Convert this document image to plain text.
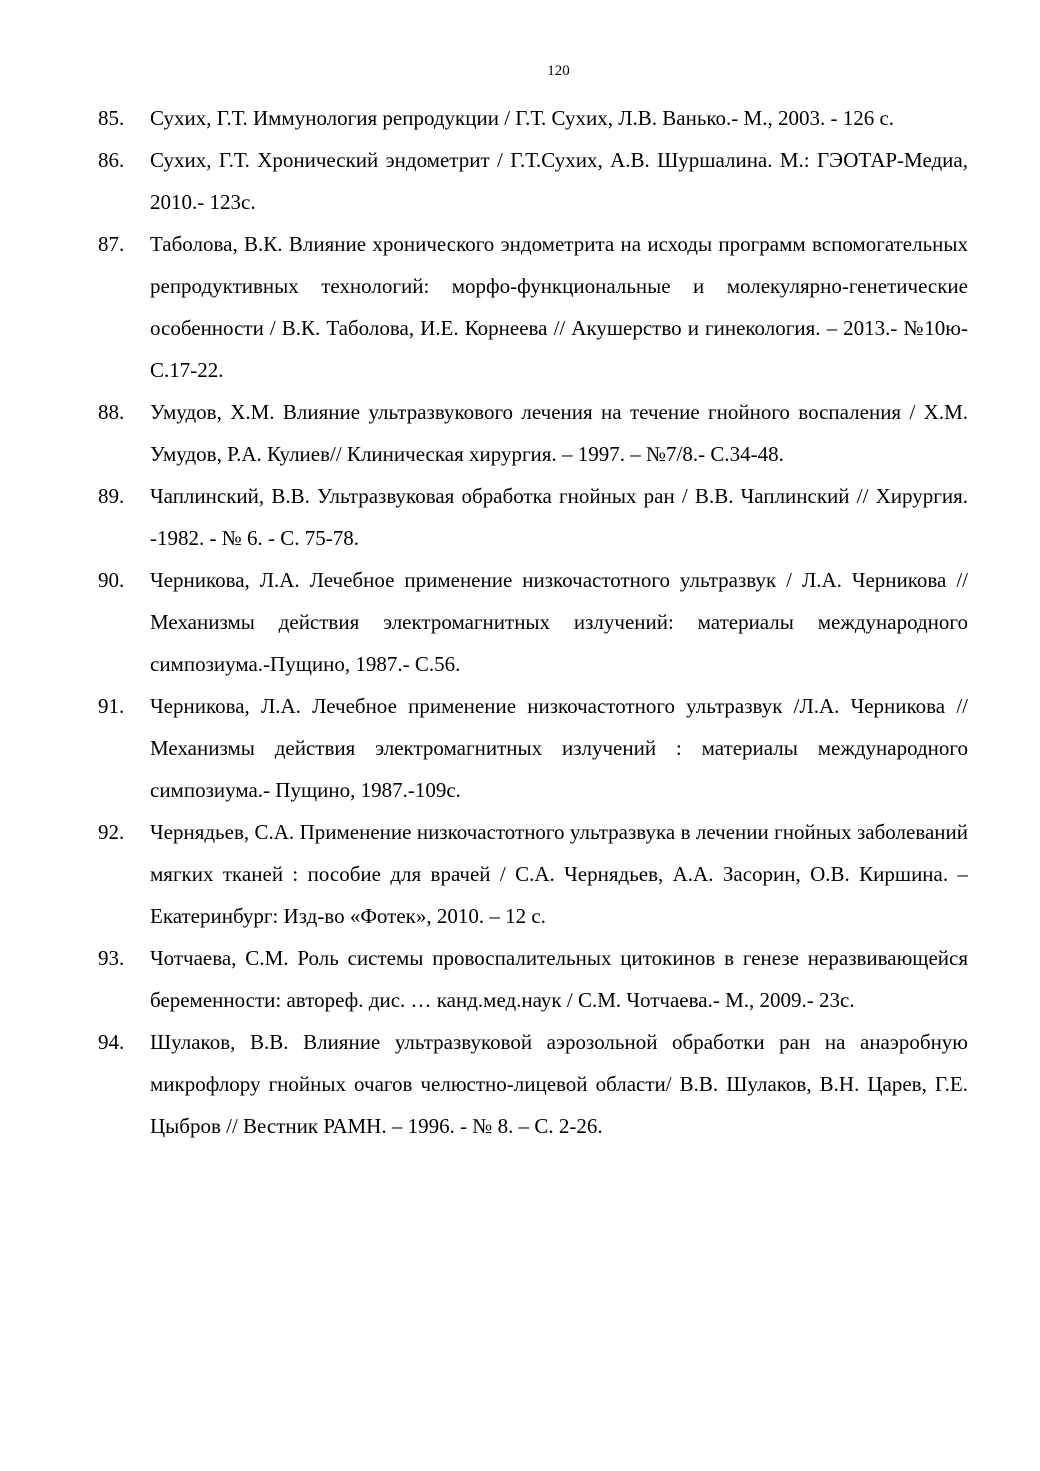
120
85. Сухих, Г.Т. Иммунология репродукции / Г.Т. Сухих, Л.В. Ванько.- М., 2003. - 126 с.
86. Сухих, Г.Т. Хронический эндометрит / Г.Т.Сухих, А.В. Шуршалина. М.: ГЭОТАР-Медиа, 2010.- 123с.
87. Таболова, В.К. Влияние хронического эндометрита на исходы программ вспомогательных репродуктивных технологий: морфо-функциональные и молекулярно-генетические особенности / В.К. Таболова, И.Е. Корнеева // Акушерство и гинекология. – 2013.- №10ю- С.17-22.
88. Умудов, Х.М. Влияние ультразвукового лечения на течение гнойного воспаления / Х.М. Умудов, Р.А. Кулиев// Клиническая хирургия. – 1997. – №7/8.- С.34-48.
89. Чаплинский, В.В. Ультразвуковая обработка гнойных ран / В.В. Чаплинский // Хирургия. -1982. - № 6. - С. 75-78.
90. Черникова, Л.А. Лечебное применение низкочастотного ультразвук / Л.А. Черникова // Механизмы действия электромагнитных излучений: материалы международного симпозиума.-Пущино, 1987.- С.56.
91. Черникова, Л.А. Лечебное применение низкочастотного ультразвук /Л.А. Черникова // Механизмы действия электромагнитных излучений : материалы международного симпозиума.- Пущино, 1987.-109с.
92. Чернядьев, С.А. Применение низкочастотного ультразвука в лечении гнойных заболеваний мягких тканей : пособие для врачей / С.А. Чернядьев, А.А. Засорин, О.В. Киршина. – Екатеринбург: Изд-во «Фотек», 2010. – 12 с.
93. Чотчаева, С.М. Роль системы провоспалительных цитокинов в генезе неразвивающейся беременности: автореф. дис. … канд.мед.наук / С.М. Чотчаева.- М., 2009.- 23с.
94. Шулаков, В.В. Влияние ультразвуковой аэрозольной обработки ран на анаэробную микрофлору гнойных очагов челюстно-лицевой области/ В.В. Шулаков, В.Н. Царев, Г.Е. Цыбров // Вестник РАМН. – 1996. - № 8. – С. 2-26.
